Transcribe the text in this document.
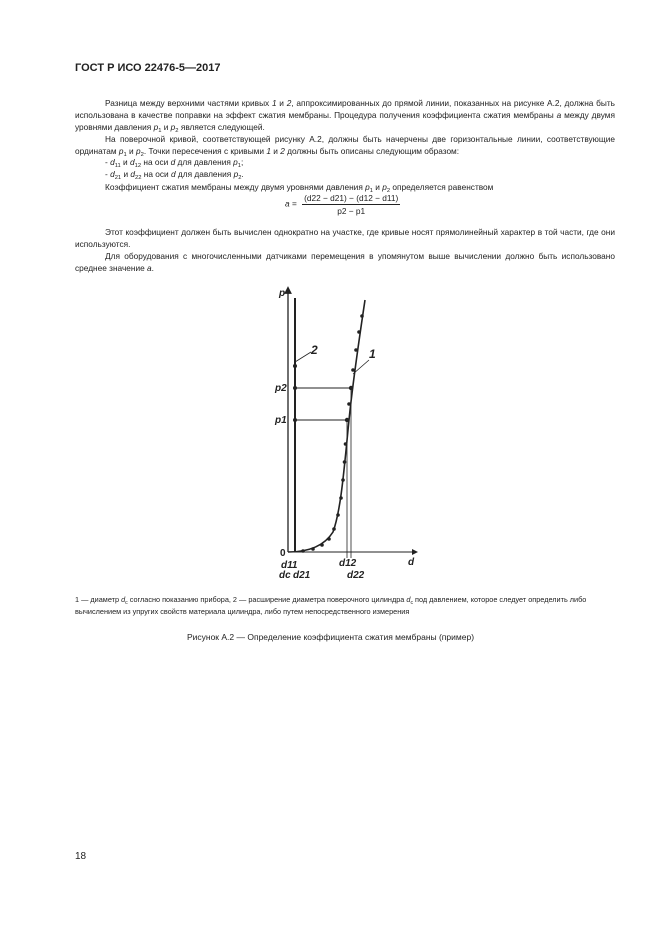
ГОСТ Р ИСО 22476-5—2017
Разница между верхними частями кривых 1 и 2, аппроксимированных до прямой линии, показанных на рисунке А.2, должна быть использована в качестве поправки на эффект сжатия мембраны. Процедура получения коэффициента сжатия мембраны a между двумя уровнями давления $p_1$ и $p_2$ является следующей.
На поверочной кривой, соответствующей рисунку А.2, должны быть начерчены две горизонтальные линии, соответствующие ординатам $p_1$ и $p_2$. Точки пересечения с кривыми 1 и 2 должны быть описаны следующим образом:
- $d_{11}$ и $d_{12}$ на оси d для давления $p_1$;
- $d_{21}$ и $d_{22}$ на оси d для давления $p_2$.
Коэффициент сжатия мембраны между двумя уровнями давления $p_1$ и $p_2$ определяется равенством
$a = \frac{(d22 - d21) - (d12 - d11)}{p2 - p1}$
Этот коэффициент должен быть вычислен однократно на участке, где кривые носят прямолинейный характер в той части, где они используются.
Для оборудования с многочисленными датчиками перемещения в упомянутом выше вычислении должно быть использовано среднее значение a.
p
d
0
p2
p1
2	1
d11
dc d21
d12
d22
1 — диаметр $d_c$ согласно показанию прибора, 2 — расширение диаметра поверочного цилиндра $d_c$ под давлением, которое следует определить либо вычислением из упругих свойств материала цилиндра, либо путем непосредственного измерения
Рисунок А.2 — Определение коэффициента сжатия мембраны (пример)
18
